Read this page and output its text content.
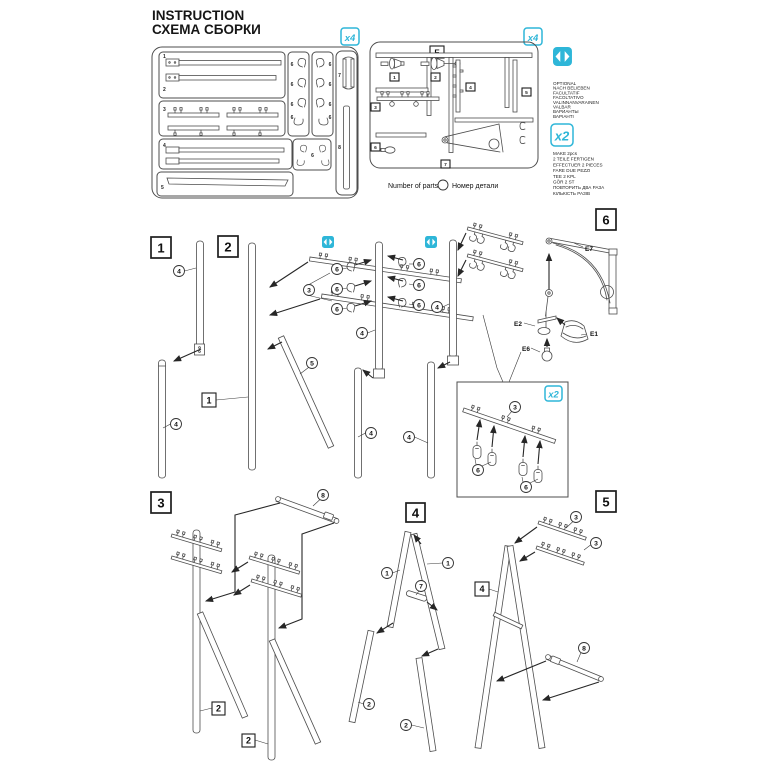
INSTRUCTION
СХЕМА СБОРКИ
x4
1
2
3
4
5
6
6
6
6
6
6
6
6
6
7
8
x4
1	2
3
4
5
6
7
OPTIONAL
NACH BELIEBEN
FACULTATIF
FACOLTATIVO
VALINNANVARAINEN
VALBAR
ВАРИАНТЫ
ВАРІАНТІ
x2
MAKE 2pcs
2 TEILE FERTIGEN
EFFECTUER 2 PIECES
FARE DUE PEZZI
TEE 2 KPL
GÖR 2 ST
ПОВТОРИТЬ ДВА РАЗА
КІЛЬКІСТЬ РАЗІВ
Number of parts Номер детали
1
4
4
2
1
3
5
6
6
6
6
6
6
4
4
4
4
6
E7
E2
E1
E6
x2
3
6
6
3	8
2
2
4
1
1
7
2
2
5
3
3
4
8
